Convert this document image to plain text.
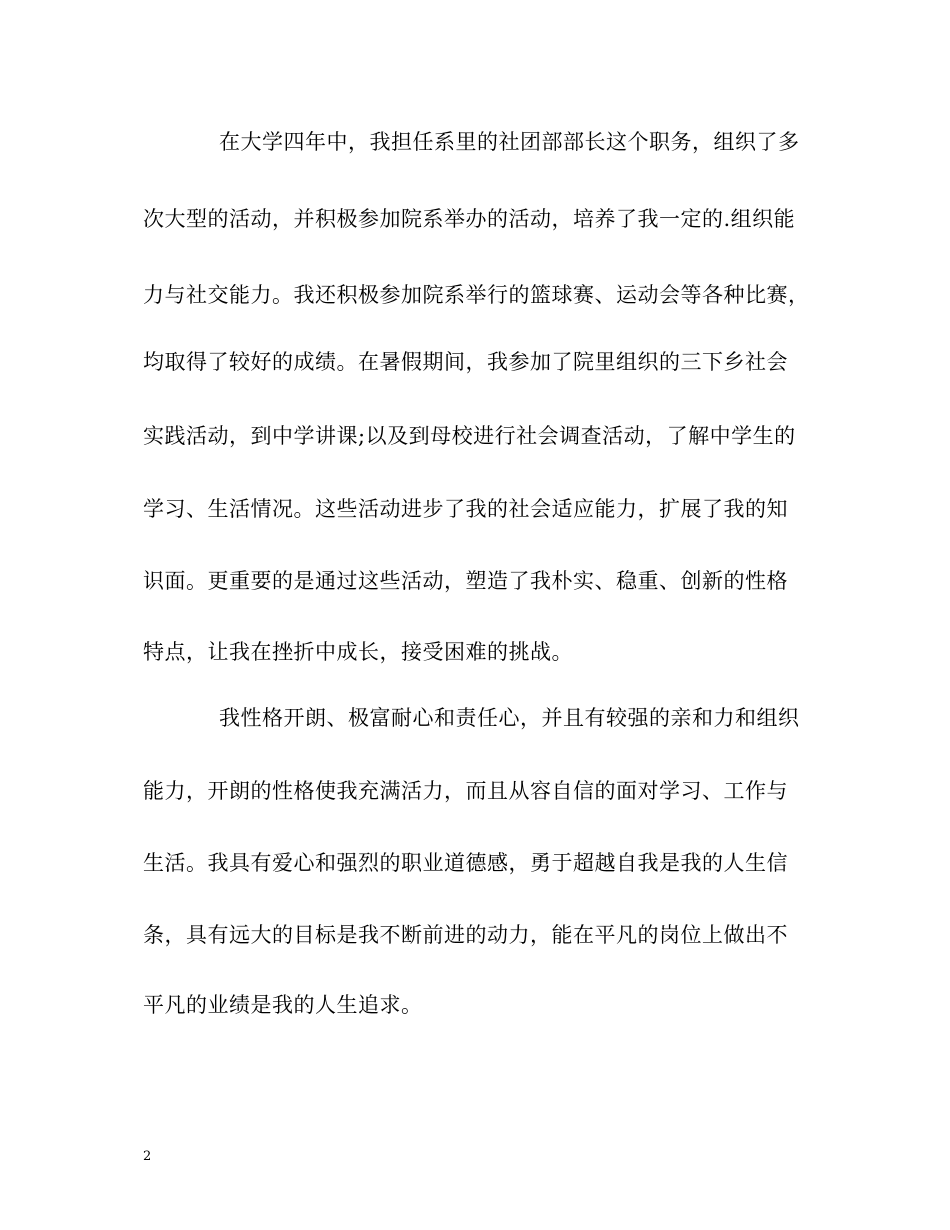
在大学四年中，我担任系里的社团部部长这个职务，组织了多
次大型的活动，并积极参加院系举办的活动，培养了我一定的.组织能
力与社交能力。我还积极参加院系举行的篮球赛、运动会等各种比赛，
均取得了较好的成绩。在暑假期间，我参加了院里组织的三下乡社会
实践活动，到中学讲课;以及到母校进行社会调查活动，了解中学生的
学习、生活情况。这些活动进步了我的社会适应能力，扩展了我的知
识面。更重要的是通过这些活动，塑造了我朴实、稳重、创新的性格
特点，让我在挫折中成长，接受困难的挑战。
我性格开朗、极富耐心和责任心，并且有较强的亲和力和组织
能力，开朗的性格使我充满活力，而且从容自信的面对学习、工作与
生活。我具有爱心和强烈的职业道德感，勇于超越自我是我的人生信
条，具有远大的目标是我不断前进的动力，能在平凡的岗位上做出不
平凡的业绩是我的人生追求。
2
